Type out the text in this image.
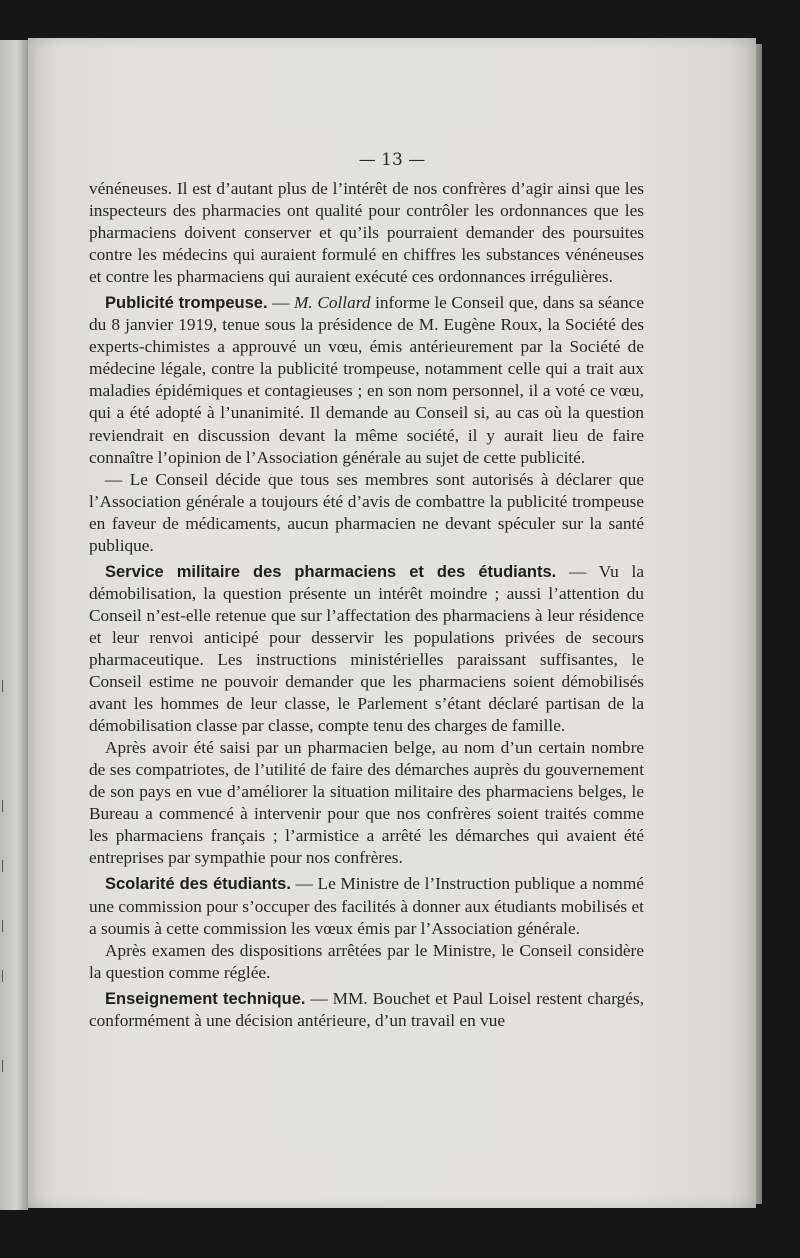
— 13 —

vénéneuses. Il est d’autant plus de l’intérêt de nos confrères d’agir ainsi que les inspecteurs des pharmacies ont qualité pour contrôler les ordonnances que les pharmaciens doivent conserver et qu’ils pourraient demander des poursuites contre les médecins qui auraient formulé en chiffres les substances vénéneuses et contre les pharmaciens qui auraient exécuté ces ordonnances irrégulières.

Publicité trompeuse. — M. Collard informe le Conseil que, dans sa séance du 8 janvier 1919, tenue sous la présidence de M. Eugène Roux, la Société des experts-chimistes a approuvé un vœu, émis antérieurement par la Société de médecine légale, contre la publicité trompeuse, notamment celle qui a trait aux maladies épidémiques et contagieuses ; en son nom personnel, il a voté ce vœu, qui a été adopté à l’unanimité. Il demande au Conseil si, au cas où la question reviendrait en discussion devant la même société, il y aurait lieu de faire connaître l’opinion de l’Association générale au sujet de cette publicité.

— Le Conseil décide que tous ses membres sont autorisés à déclarer que l’Association générale a toujours été d’avis de combattre la publicité trompeuse en faveur de médicaments, aucun pharmacien ne devant spéculer sur la santé publique.

Service militaire des pharmaciens et des étudiants. — Vu la démobilisation, la question présente un intérêt moindre ; aussi l’attention du Conseil n’est-elle retenue que sur l’affectation des pharmaciens à leur résidence et leur renvoi anticipé pour desservir les populations privées de secours pharmaceutique. Les instructions ministérielles paraissant suffisantes, le Conseil estime ne pouvoir demander que les pharmaciens soient démobilisés avant les hommes de leur classe, le Parlement s’étant déclaré partisan de la démobilisation classe par classe, compte tenu des charges de famille.

Après avoir été saisi par un pharmacien belge, au nom d’un certain nombre de ses compatriotes, de l’utilité de faire des démarches auprès du gouvernement de son pays en vue d’améliorer la situation militaire des pharmaciens belges, le Bureau a commencé à intervenir pour que nos confrères soient traités comme les pharmaciens français ; l’armistice a arrêté les démarches qui avaient été entreprises par sympathie pour nos confrères.

Scolarité des étudiants. — Le Ministre de l’Instruction publique a nommé une commission pour s’occuper des facilités à donner aux étudiants mobilisés et a soumis à cette commission les vœux émis par l’Association générale.

Après examen des dispositions arrêtées par le Ministre, le Conseil considère la question comme réglée.

Enseignement technique. — MM. Bouchet et Paul Loisel restent chargés, conformément à une décision antérieure, d’un travail en vue
